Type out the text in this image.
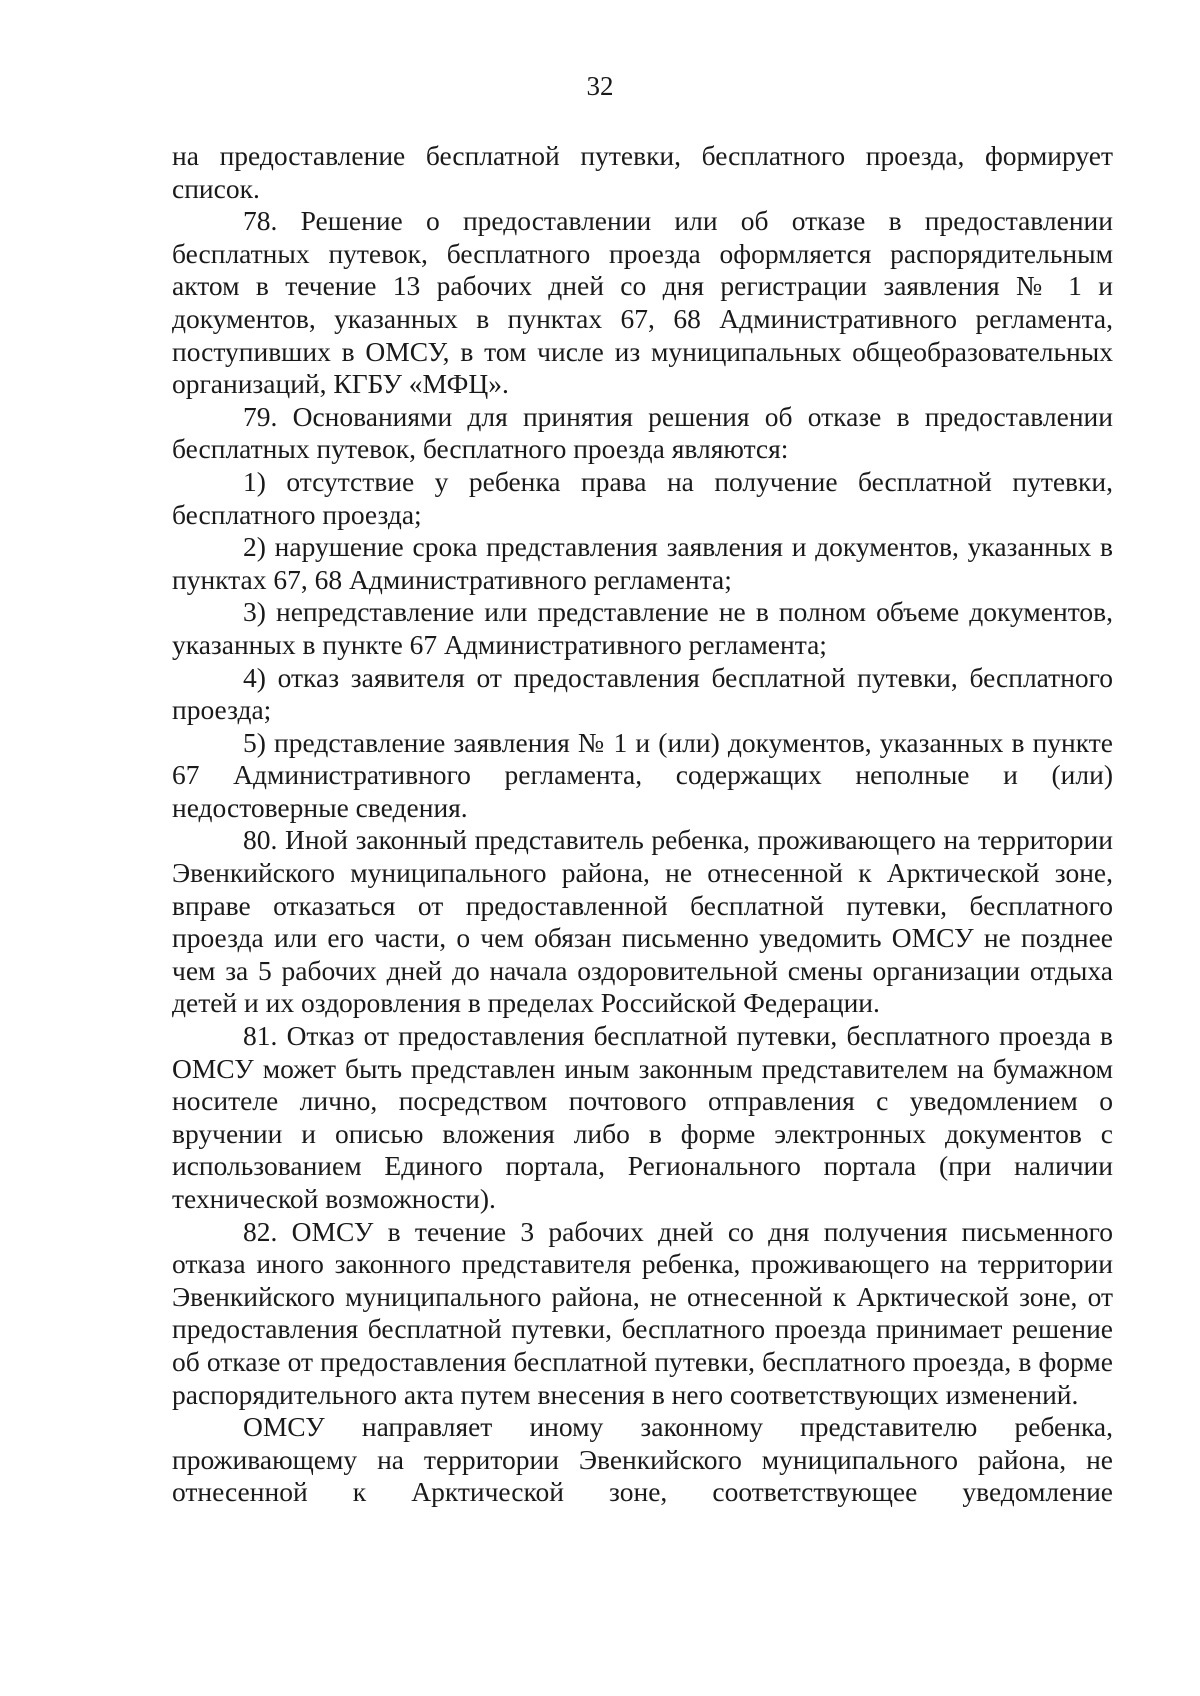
32

на предоставление бесплатной путевки, бесплатного проезда, формирует список.

78. Решение о предоставлении или об отказе в предоставлении бесплатных путевок, бесплатного проезда оформляется распорядительным актом в течение 13 рабочих дней со дня регистрации заявления № 1 и документов, указанных в пунктах 67, 68 Административного регламента, поступивших в ОМСУ, в том числе из муниципальных общеобразовательных организаций, КГБУ «МФЦ».

79. Основаниями для принятия решения об отказе в предоставлении бесплатных путевок, бесплатного проезда являются:

1) отсутствие у ребенка права на получение бесплатной путевки, бесплатного проезда;

2) нарушение срока представления заявления и документов, указанных в пунктах 67, 68 Административного регламента;

3) непредставление или представление не в полном объеме документов, указанных в пункте 67 Административного регламента;

4) отказ заявителя от предоставления бесплатной путевки, бесплатного проезда;

5) представление заявления № 1 и (или) документов, указанных в пункте 67 Административного регламента, содержащих неполные и (или) недостоверные сведения.

80. Иной законный представитель ребенка, проживающего на территории Эвенкийского муниципального района, не отнесенной к Арктической зоне, вправе отказаться от предоставленной бесплатной путевки, бесплатного проезда или его части, о чем обязан письменно уведомить ОМСУ не позднее чем за 5 рабочих дней до начала оздоровительной смены организации отдыха детей и их оздоровления в пределах Российской Федерации.

81. Отказ от предоставления бесплатной путевки, бесплатного проезда в ОМСУ может быть представлен иным законным представителем на бумажном носителе лично, посредством почтового отправления с уведомлением о вручении и описью вложения либо в форме электронных документов с использованием Единого портала, Регионального портала (при наличии технической возможности).

82. ОМСУ в течение 3 рабочих дней со дня получения письменного отказа иного законного представителя ребенка, проживающего на территории Эвенкийского муниципального района, не отнесенной к Арктической зоне, от предоставления бесплатной путевки, бесплатного проезда принимает решение об отказе от предоставления бесплатной путевки, бесплатного проезда, в форме распорядительного акта путем внесения в него соответствующих изменений.

ОМСУ направляет иному законному представителю ребенка, проживающему на территории Эвенкийского муниципального района, не отнесенной к Арктической зоне, соответствующее уведомление
